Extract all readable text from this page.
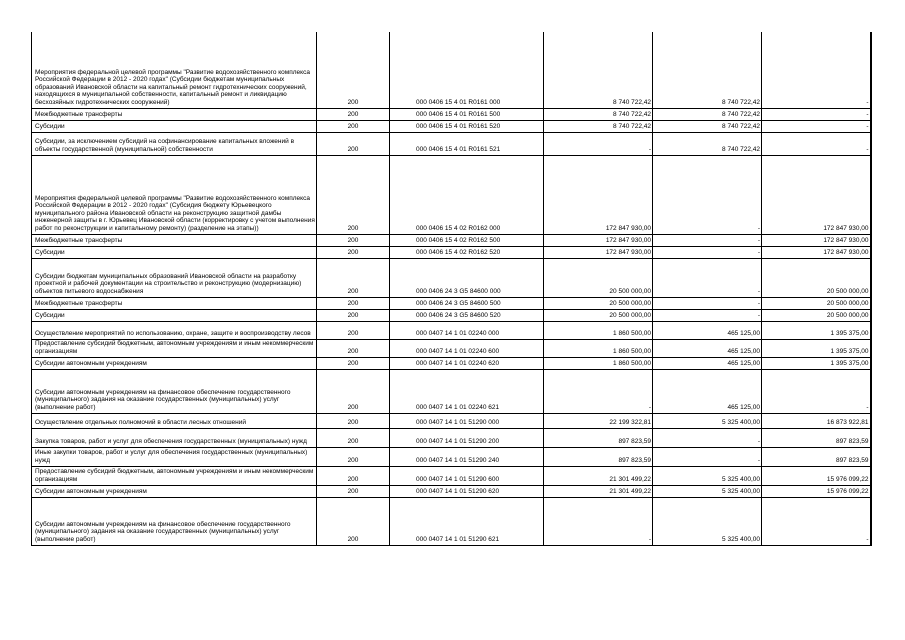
Мероприятия федеральной целевой программы "Развитие водохозяйственного комплекса Российской Федерации в 2012 - 2020 годах" (Субсидии бюджетам муниципальных образований Ивановской области на капитальный ремонт гидротехнических сооружений, находящихся в муниципальной собственности, капитальный ремонт и ликвидацию бесхозяйных гидротехнических сооружений)	200	000 0406 15 4 01 R0161 000	8 740 722,42	8 740 722,42	-
Межбюджетные трансферты	200	000 0406 15 4 01 R0161 500	8 740 722,42	8 740 722,42	-
Субсидии	200	000 0406 15 4 01 R0161 520	8 740 722,42	8 740 722,42	-
Субсидии, за исключением субсидий на софинансирование капитальных вложений в объекты государственной (муниципальной) собственности	200	000 0406 15 4 01 R0161 521	-	8 740 722,42	-
Мероприятия федеральной целевой программы "Развитие водохозяйственного комплекса Российской Федерации в 2012 - 2020 годах" (Субсидия бюджету Юрьевецкого муниципального района Ивановской области на реконструкцию защитной дамбы инженерной защиты в г. Юрьевец Ивановской области (корректировку с учетом выполнения работ по реконструкции и капитальному ремонту) (разделение на этапы))	200	000 0406 15 4 02 R0162 000	172 847 930,00	-	172 847 930,00
Межбюджетные трансферты	200	000 0406 15 4 02 R0162 500	172 847 930,00	-	172 847 930,00
Субсидии	200	000 0406 15 4 02 R0162 520	172 847 930,00	-	172 847 930,00
Субсидии бюджетам муниципальных образований Ивановской области на разработку проектной и рабочей документации на строительство и реконструкцию (модернизацию) объектов питьевого водоснабжения	200	000 0406 24 3 G5 84600 000	20 500 000,00	-	20 500 000,00
Межбюджетные трансферты	200	000 0406 24 3 G5 84600 500	20 500 000,00	-	20 500 000,00
Субсидии	200	000 0406 24 3 G5 84600 520	20 500 000,00	-	20 500 000,00
Осуществление мероприятий по использованию, охране, защите и воспроизводству лесов	200	000 0407 14 1 01 02240 000	1 860 500,00	465 125,00	1 395 375,00
Предоставление субсидий бюджетным, автономным учреждениям и иным некоммерческим организациям	200	000 0407 14 1 01 02240 600	1 860 500,00	465 125,00	1 395 375,00
Субсидии автономным учреждениям	200	000 0407 14 1 01 02240 620	1 860 500,00	465 125,00	1 395 375,00
Субсидии автономным учреждениям на финансовое обеспечение государственного (муниципального) задания на оказание государственных (муниципальных) услуг (выполнение работ)	200	000 0407 14 1 01 02240 621	-	465 125,00	-
Осуществление отдельных полномочий в области лесных отношений	200	000 0407 14 1 01 51290 000	22 199 322,81	5 325 400,00	16 873 922,81
Закупка товаров, работ и услуг для обеспечения государственных (муниципальных) нужд	200	000 0407 14 1 01 51290 200	897 823,59	-	897 823,59
Иные закупки товаров, работ и услуг для обеспечения государственных (муниципальных) нужд	200	000 0407 14 1 01 51290 240	897 823,59	-	897 823,59
Предоставление субсидий бюджетным, автономным учреждениям и иным некоммерческим организациям	200	000 0407 14 1 01 51290 600	21 301 499,22	5 325 400,00	15 976 099,22
Субсидии автономным учреждениям	200	000 0407 14 1 01 51290 620	21 301 499,22	5 325 400,00	15 976 099,22
Субсидии автономным учреждениям на финансовое обеспечение государственного (муниципального) задания на оказание государственных (муниципальных) услуг (выполнение работ)	200	000 0407 14 1 01 51290 621	-	5 325 400,00	-
